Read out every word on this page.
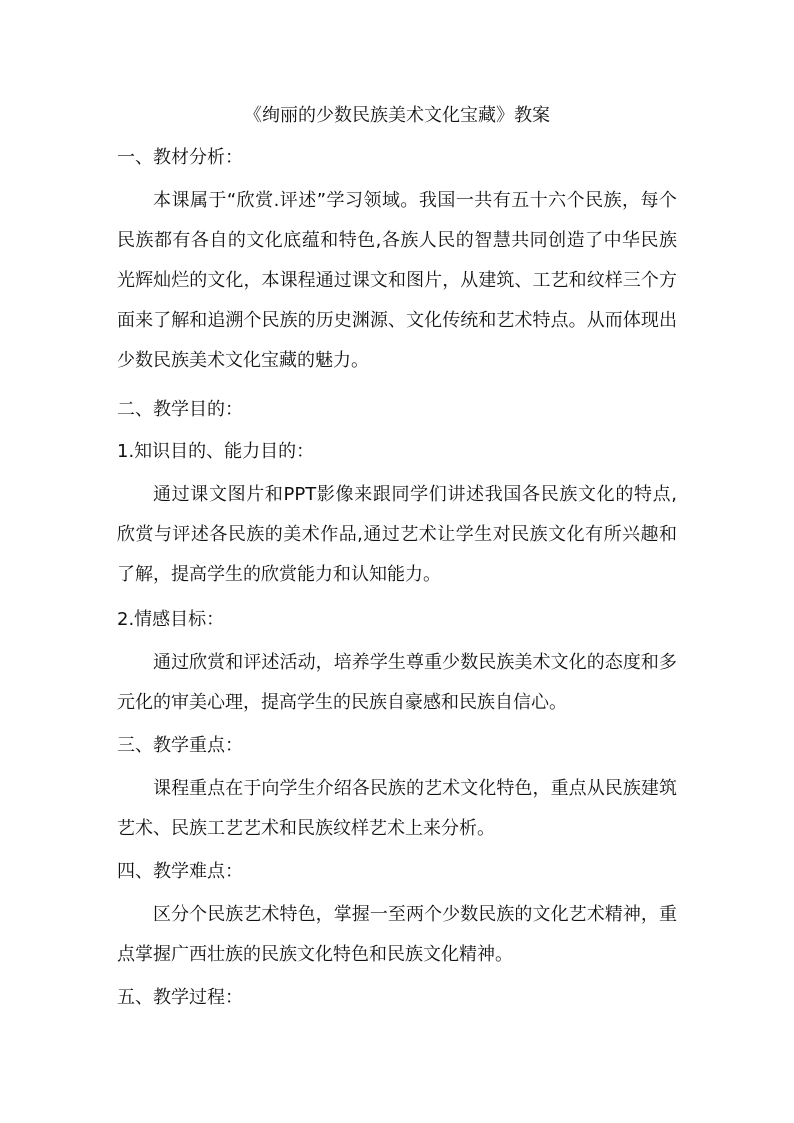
《绚丽的少数民族美术文化宝藏》教案
一、教材分析：

本课属于“欣赏.评述”学习领域。我国一共有五十六个民族，每个民族都有各自的文化底蕴和特色,各族人民的智慧共同创造了中华民族光辉灿烂的文化，本课程通过课文和图片，从建筑、工艺和纹样三个方面来了解和追溯个民族的历史渊源、文化传统和艺术特点。从而体现出少数民族美术文化宝藏的魅力。

二、教学目的：
1.知识目的、能力目的：

通过课文图片和PPT影像来跟同学们讲述我国各民族文化的特点,欣赏与评述各民族的美术作品,通过艺术让学生对民族文化有所兴趣和了解，提高学生的欣赏能力和认知能力。

2.情感目标：

通过欣赏和评述活动，培养学生尊重少数民族美术文化的态度和多元化的审美心理，提高学生的民族自豪感和民族自信心。

三、教学重点：

课程重点在于向学生介绍各民族的艺术文化特色，重点从民族建筑艺术、民族工艺艺术和民族纹样艺术上来分析。

四、教学难点：

区分个民族艺术特色，掌握一至两个少数民族的文化艺术精神，重点掌握广西壮族的民族文化特色和民族文化精神。

五、教学过程：
